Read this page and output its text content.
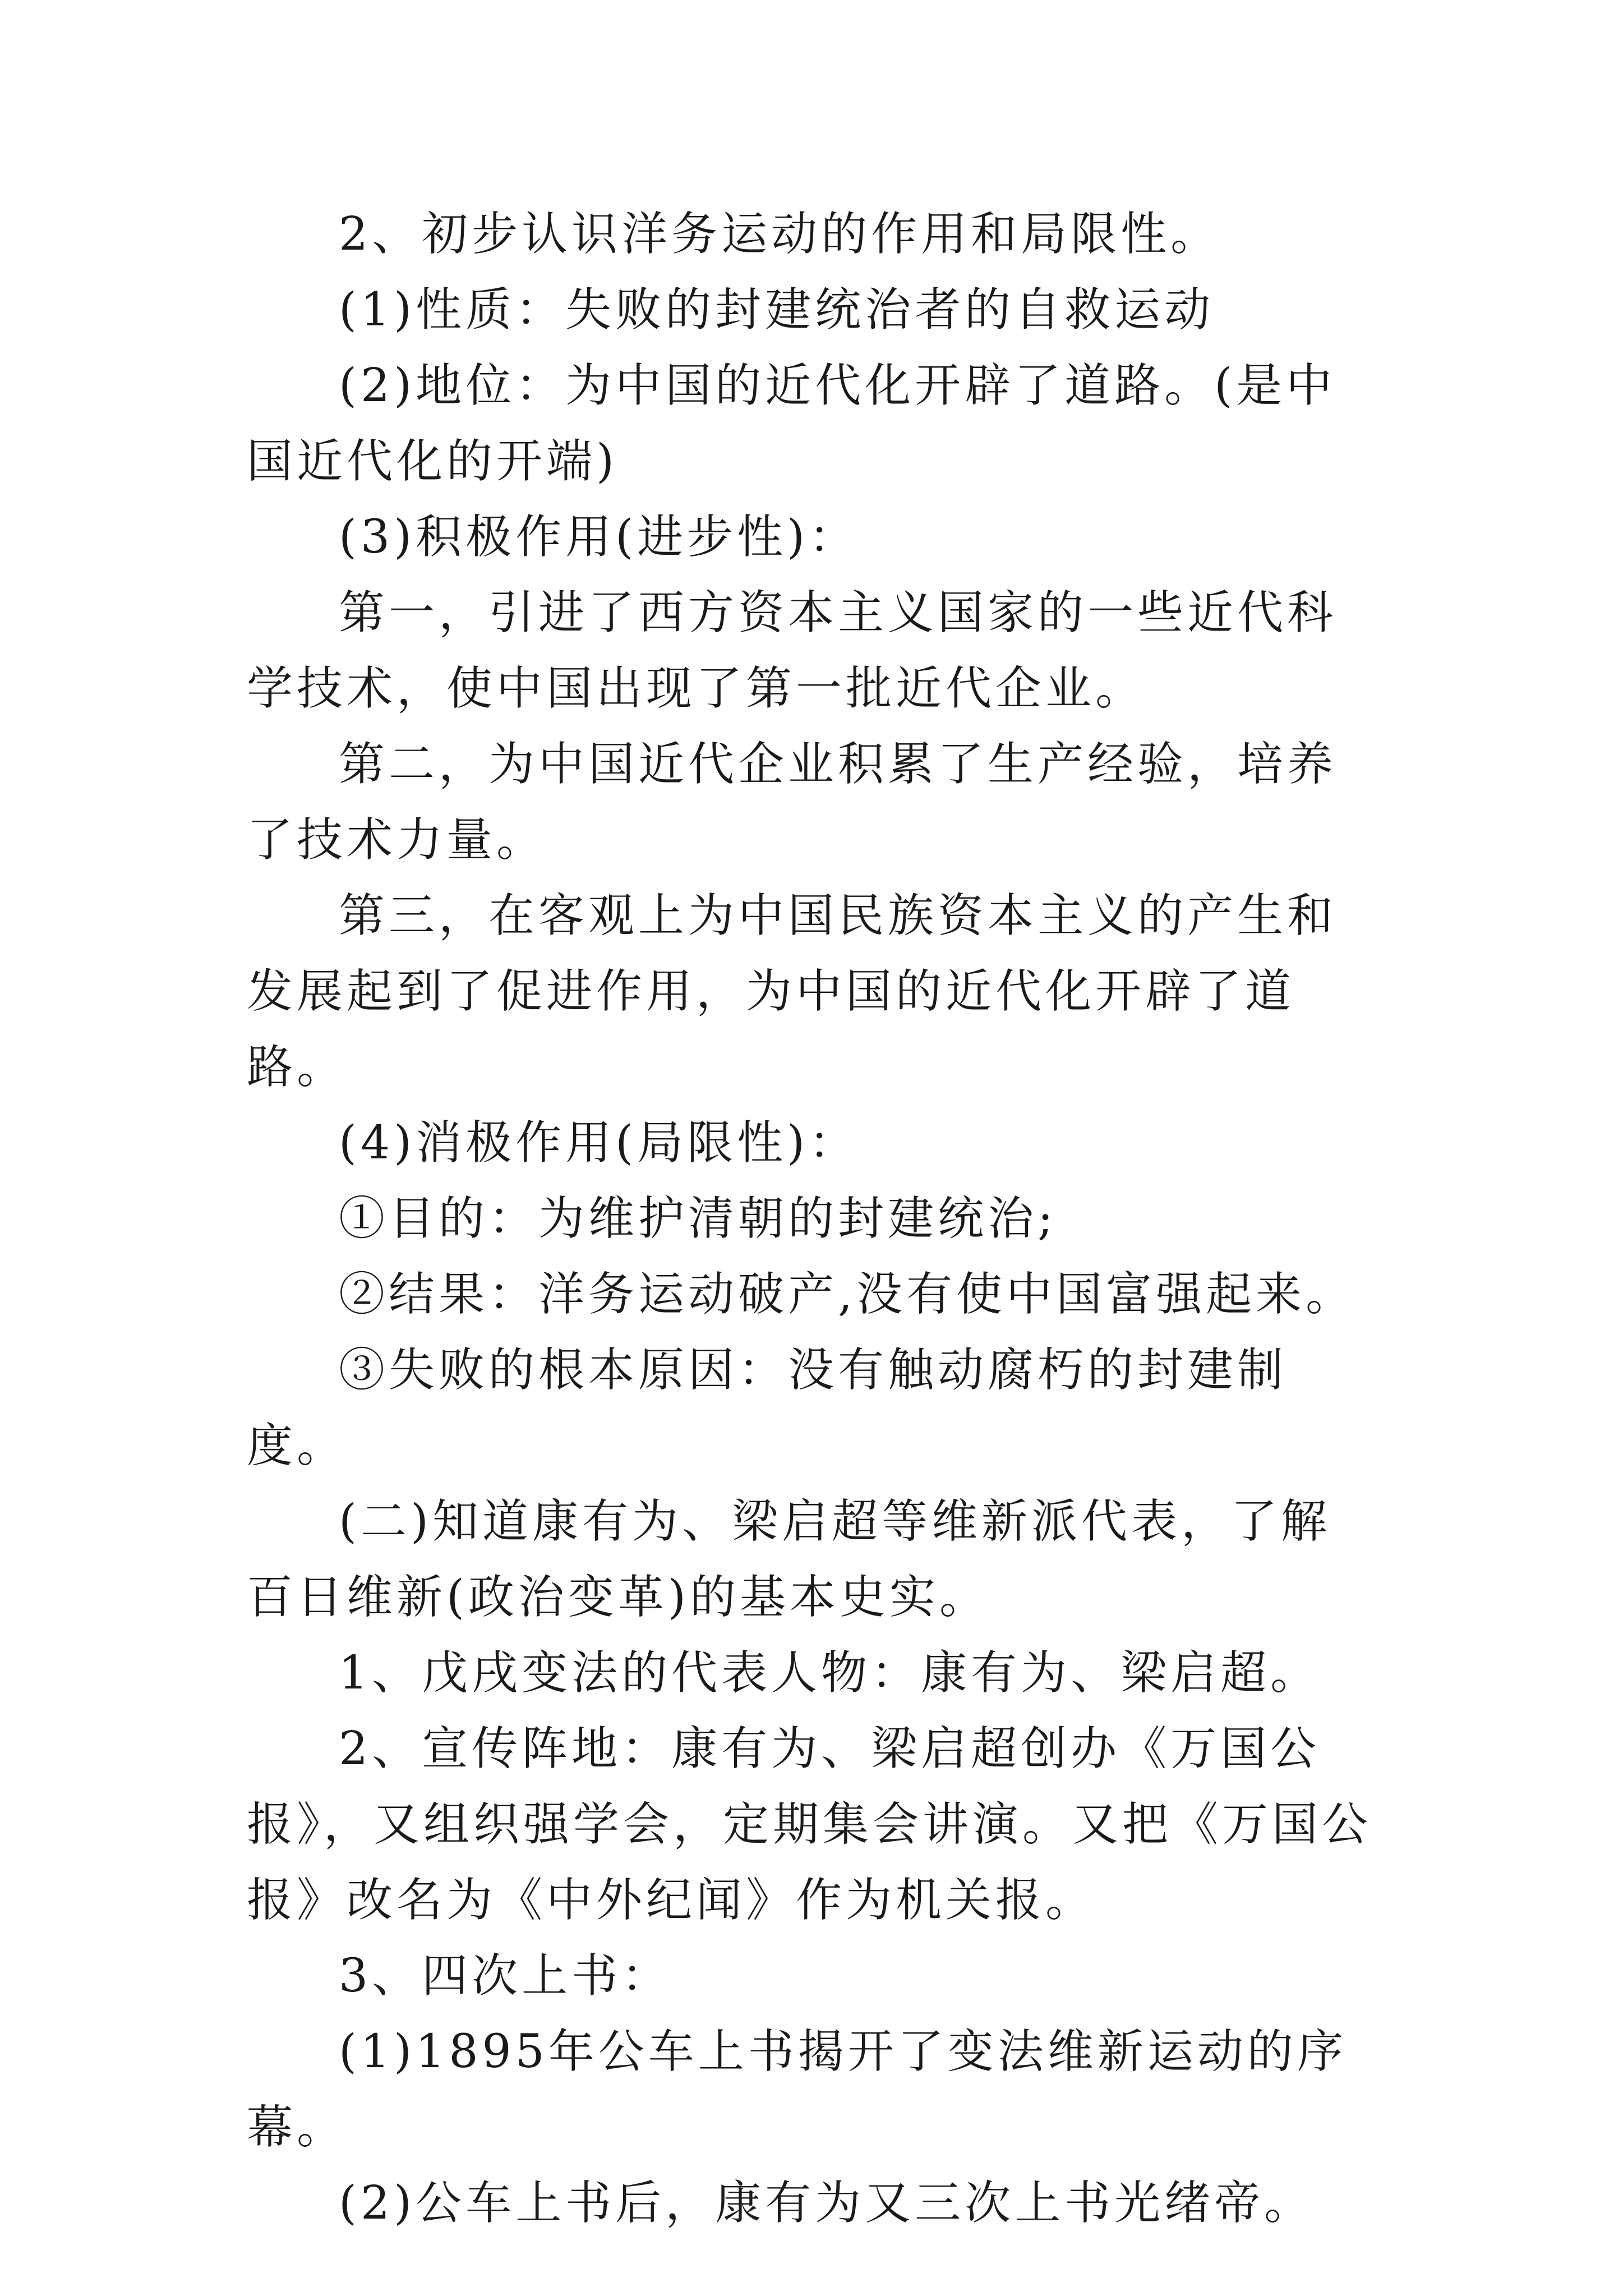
2、初步认识洋务运动的作用和局限性。

(1)性质：失败的封建统治者的自救运动

(2)地位：为中国的近代化开辟了道路。(是中国近代化的开端)

(3)积极作用(进步性)：

第一，引进了西方资本主义国家的一些近代科学技术，使中国出现了第一批近代企业。

第二，为中国近代企业积累了生产经验，培养了技术力量。

第三，在客观上为中国民族资本主义的产生和发展起到了促进作用，为中国的近代化开辟了道路。

(4)消极作用(局限性)：

①目的：为维护清朝的封建统治;

②结果：洋务运动破产,没有使中国富强起来。

③失败的根本原因：没有触动腐朽的封建制度。

(二)知道康有为、梁启超等维新派代表，了解百日维新(政治变革)的基本史实。

1、戊戌变法的代表人物：康有为、梁启超。

2、宣传阵地：康有为、梁启超创办《万国公报》，又组织强学会，定期集会讲演。又把《万国公报》改名为《中外纪闻》作为机关报。

3、四次上书：

(1)1895年公车上书揭开了变法维新运动的序幕。

(2)公车上书后，康有为又三次上书光绪帝。
